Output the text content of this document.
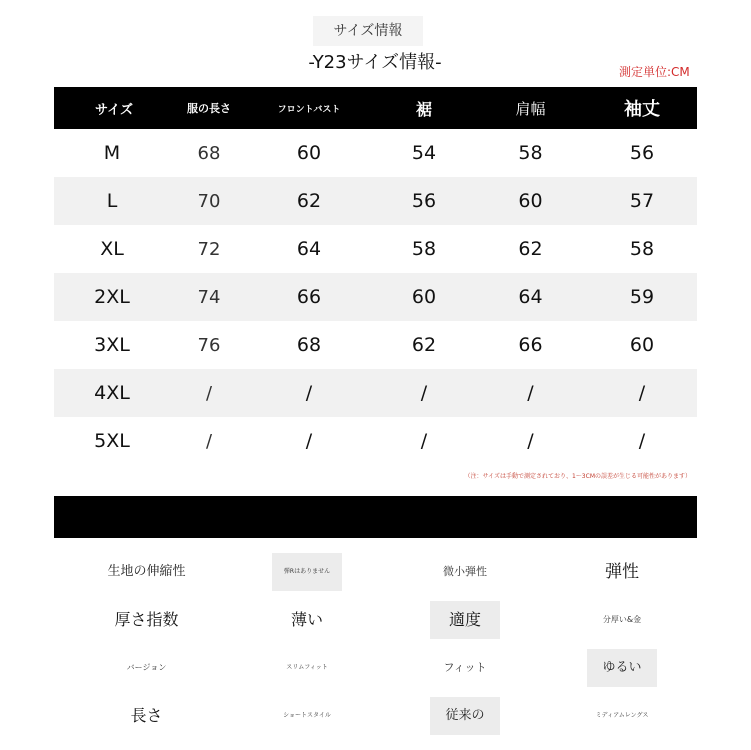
サイズ情報
-Y23サイズ情報-	測定単位:CM
サイズ	服の長さ	フロントバスト	裾	肩幅	袖丈
M	68	60	54	58	56
L	70	62	56	60	57
XL	72	64	58	62	58
2XL	74	66	60	64	59
3XL	76	68	62	66	60
4XL	/	/	/	/	/
5XL	/	/	/	/	/
（注：サイズは手動で測定されており、1～3CMの誤差が生じる可能性があります）
生地の伸縮性	弾Rはありません	微小弾性	弾性
厚さ指数	薄い	適度	分厚い&金
バージョン	スリムフィット	フィット	ゆるい
長さ	ショートスタイル	従来の	ミディアムレングス
